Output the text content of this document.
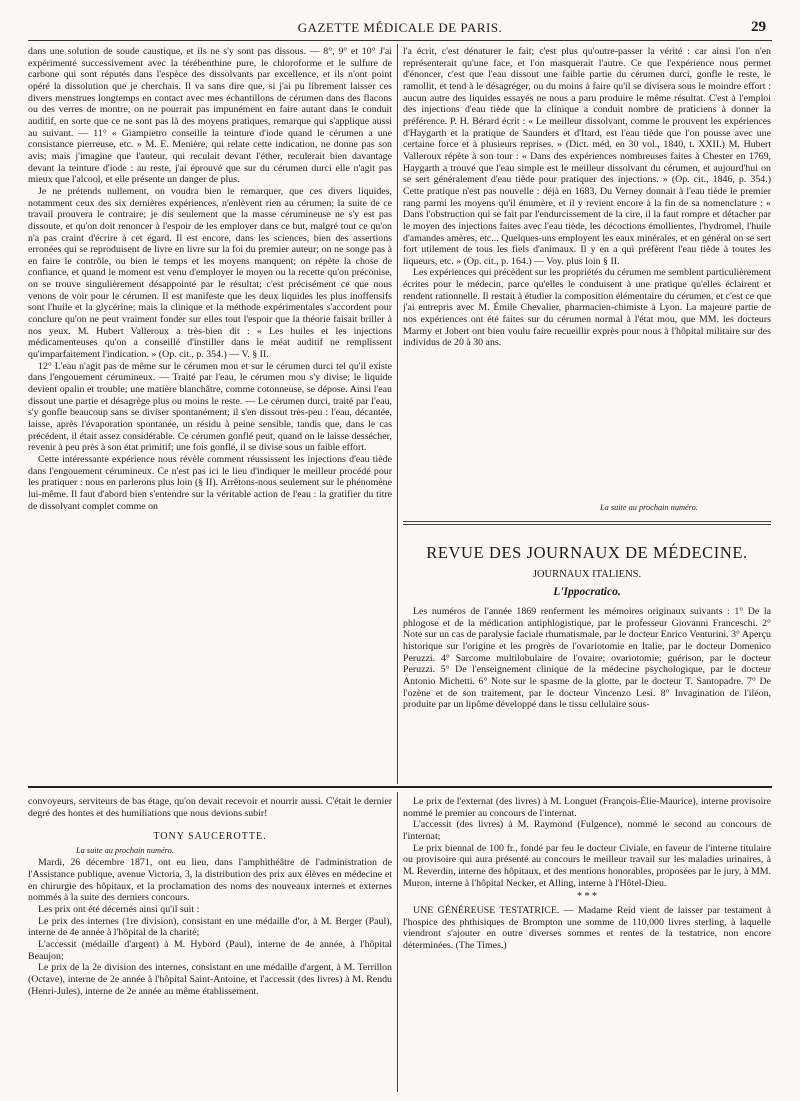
GAZETTE MÉDICALE DE PARIS.	29

dans une solution de soude caustique, et ils ne s'y sont pas dissous. — 8°, 9° et 10° J'ai expérimenté successivement avec la térébenthine pure, le chloroforme et le sulfure de carbone qui sont réputés dans l'espèce des dissolvants par excellence, et ils n'ont point opéré la dissolution que je cherchais. Il va sans dire que, si j'ai pu librement laisser ces divers menstrues longtemps en contact avec mes échantillons de cérumen dans des flacons ou des verres de montre, on ne pourrait pas impunément en faire autant dans le conduit auditif, en sorte que ce ne sont pas là des moyens pratiques, remarque qui s'applique aussi au suivant. — 11° « Giampietro conseille la teinture d'iode quand le cérumen a une consistance pierreuse, etc. » M. E. Menière, qui relate cette indication, ne donne pas son avis; mais j'imagine que l'auteur, qui reculait devant l'éther, reculerait bien davantage devant la teinture d'iode : au reste, j'ai éprouvé que sur du cérumen durci elle n'agit pas mieux que l'alcool, et elle présente un danger de plus.

Je ne prétends nullement, on voudra bien le remarquer, que ces divers liquides, notamment ceux des six dernières expériences, n'enlèvent rien au cérumen; la suite de ce travail prouvera le contraire; je dis seulement que la masse cérumineuse ne s'y est pas dissoute, et qu'on doit renoncer à l'espoir de les employer dans ce but, malgré tout ce qu'on n'a pas craint d'écrire à cet égard. Il est encore, dans les sciences, bien des assertions erronées qui se reproduisent de livre en livre sur la foi du premier auteur; on ne songe pas à en faire le contrôle, ou bien le temps et les moyens manquent; on répète la chose de confiance, et quand le moment est venu d'employer le moyen ou la recette qu'on préconise, on se trouve singulièrement désappointé par le résultat; c'est précisément ce que nous venons de voir pour le cérumen. Il est manifeste que les deux liquides les plus inoffensifs sont l'huile et la glycérine; mais la clinique et la méthode expérimentales s'accordent pour conclure qu'on ne peut vraiment fonder sur elles tout l'espoir que la théorie faisait briller à nos yeux. M. Hubert Valleroux a très-bien dit : « Les huiles et les injections médicamenteuses qu'on a conseillé d'instiller dans le méat auditif ne remplissent qu'imparfaitement l'indication. » (Op. cit., p. 354.) — V. § II.

12° L'eau n'agit pas de même sur le cérumen mou et sur le cérumen durci tel qu'il existe dans l'engouement cérumineux. — Traité par l'eau, le cérumen mou s'y divise; le liquide devient opalin et trouble; une matière blanchâtre, comme cotonneuse, se dépose. Ainsi l'eau dissout une partie et désagrège plus ou moins le reste. — Le cérumen durci, traité par l'eau, s'y gonfle beaucoup sans se diviser spontanément; il s'en dissout très-peu : l'eau, décantée, laisse, après l'évaporation spontanée, un résidu à peine sensible, tandis que, dans le cas précédent, il était assez considérable. Ce cérumen gonflé peut, quand on le laisse dessécher, revenir à peu près à son état primitif; une fois gonflé, il se divise sous un faible effort.

Cette intéressante expérience nous révèle comment réussissent les injections d'eau tiède dans l'engouement cérumineux. Ce n'est pas ici le lieu d'indiquer le meilleur procédé pour les pratiquer : nous en parlerons plus loin (§ II). Arrêtons-nous seulement sur le phénomène lui-même. Il faut d'abord bien s'entendre sur la véritable action de l'eau : la gratifier du titre de dissolvant complet comme on

l'a écrit, c'est dénaturer le fait; c'est plus qu'outre-passer la vérité : car ainsi l'on n'en représenterait qu'une face, et l'on masquerait l'autre. Ce que l'expérience nous permet d'énoncer, c'est que l'eau dissout une faible partie du cérumen durci, gonfle le reste, le ramollit, et tend à le désagréger, ou du moins à faire qu'il se divisera sous le moindre effort : aucun autre des liquides essayés ne nous a paru produire le même résultat. C'est à l'emploi des injections d'eau tiède que la clinique a conduit nombre de praticiens à donner la préférence. P. H. Bérard écrit : « Le meilleur dissolvant, comme le prouvent les expériences d'Haygarth et la pratique de Saunders et d'Itard, est l'eau tiède que l'on pousse avec une certaine force et à plusieurs reprises. » (Dict. méd. en 30 vol., 1840, t. XXII.) M. Hubert Valleroux répète à son tour : « Dans des expériences nombreuses faites à Chester en 1769, Haygarth a trouvé que l'eau simple est le meilleur dissolvant du cérumen, et aujourd'hui on se sert généralement d'eau tiède pour pratiquer des injections. » (Op. cit., 1846, p. 354.) Cette pratique n'est pas nouvelle : déjà en 1683, Du Verney donnait à l'eau tiède le premier rang parmi les moyens qu'il énumère, et il y revient encore à la fin de sa nomenclature : « Dans l'obstruction qui se fait par l'endurcissement de la cire, il la faut rompre et détacher par le moyen des injections faites avec l'eau tiède, les décoctions émollientes, l'hydromel, l'huile d'amandes amères, etc... Quelques-uns employent les eaux minérales, et en général on se sert fort utilement de tous les fiels d'animaux. Il y en a qui préfèrent l'eau tiède à toutes les liqueurs, etc. » (Op. cit., p. 164.) — Voy. plus loin § II.

Les expériences qui précèdent sur les propriétés du cérumen me semblent particulièrement écrites pour le médecin, parce qu'elles le conduisent à une pratique qu'elles éclairent et rendent rationnelle. Il restait à étudier la composition élémentaire du cérumen, et c'est ce que j'ai entrepris avec M. Émile Chevalier, pharmacien-chimiste à Lyon. La majeure partie de nos expériences ont été faites sur du cérumen normal à l'état mou, que MM. les docteurs Marmy et Jobert ont bien voulu faire recueillir exprès pour nous à l'hôpital militaire sur des individus de 20 à 30 ans.

La suite au prochain numéro.
REVUE DES JOURNAUX DE MÉDECINE.
JOURNAUX ITALIENS.
L'Ippocratico.

Les numéros de l'année 1869 renferment les mémoires originaux suivants : 1° De la phlogose et de la médication antiphlogistique, par le professeur Giovanni Franceschi. 2° Note sur un cas de paralysie faciale rhumatismale, par le docteur Enrico Venturini. 3° Aperçu historique sur l'origine et les progrès de l'ovariotomie en Italie, par le docteur Domenico Peruzzi. 4° Sarcome multilobulaire de l'ovaire; ovariotomie; guérison, par le docteur Peruzzi. 5° De l'enseignement clinique de la médecine psychologique, par le docteur Antonio Michetti. 6° Note sur le spasme de la glotte, par le docteur T. Santopadre. 7° De l'ozène et de son traitement, par le docteur Vincenzo Lesi. 8° Invagination de l'iléon, produite par un lipôme développé dans le tissu cellulaire sous-

convoyeurs, serviteurs de bas étage, qu'on devait recevoir et nourrir aussi. C'était le dernier degré des hontes et des humiliations que nous devions subir!

Mardi, 26 décembre 1871, ont eu lieu, dans l'amphithéâtre de l'administration de l'Assistance publique, avenue Victoria, 3, la distribution des prix aux élèves en médecine et en chirurgie des hôpitaux, et la proclamation des noms des nouveaux internes et externes nommés à la suite des derniers concours.

Les prix ont été décernés ainsi qu'il suit :

Le prix des internes (1re division), consistant en une médaille d'or, à M. Berger (Paul), interne de 4e année à l'hôpital de la charité;

L'accessit (médaille d'argent) à M. Hybord (Paul), interne de 4e année, à l'hôpital Beaujon;

Le prix de la 2e division des internes, consistant en une médaille d'argent, à M. Terrillon (Octave), interne de 2e année à l'hôpital Saint-Antoine, et l'accessit (des livres) à M. Rendu (Henri-Jules), interne de 2e année au même établissement.

TONY SAUCEROTTE.
La suite au prochain numéro.

Le prix de l'externat (des livres) à M. Longuet (François-Élie-Maurice), interne provisoire nommé le premier au concours de l'internat.

L'accessit (des livres) à M. Raymond (Fulgence), nommé le second au concours de l'internat;

Le prix biennal de 100 fr., fondé par feu le docteur Civiale, en faveur de l'interne titulaire ou provisoire qui aura présenté au concours le meilleur travail sur les maladies urinaires, à M. Reverdin, interne des hôpitaux, et des mentions honorables, proposées par le jury, à MM. Muron, interne à l'hôpital Necker, et Alling, interne à l'Hôtel-Dieu.

* * *

UNE GÉNÉREUSE TESTATRICE. — Madame Reid vient de laisser par testament à l'hospice des phthisiques de Brompton une somme de 110,000 livres sterling, à laquelle viendront s'ajouter en outre diverses sommes et rentes de la testatrice, non encore déterminées. (The Times.)
